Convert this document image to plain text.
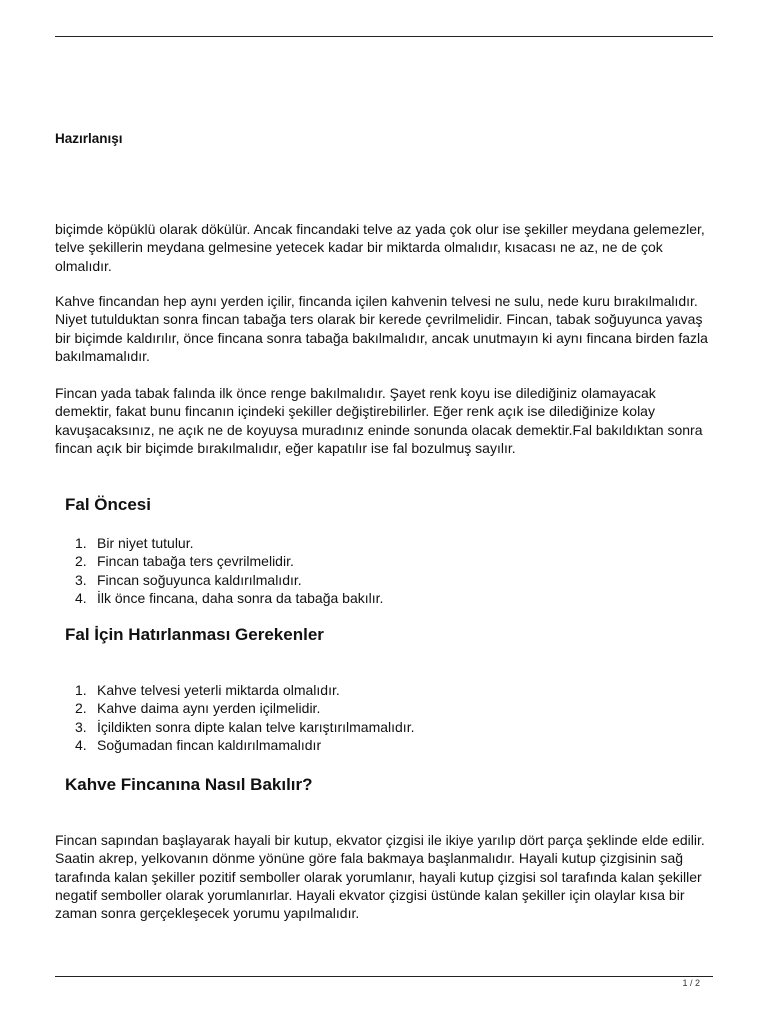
Hazırlanışı

biçimde köpüklü olarak dökülür. Ancak fincandaki telve az yada çok olur ise şekiller meydana gelemezler, telve şekillerin meydana gelmesine yetecek kadar bir miktarda olmalıdır, kısacası ne az, ne de çok olmalıdır.

Kahve fincandan hep aynı yerden içilir, fincanda içilen kahvenin telvesi ne sulu, nede kuru bırakılmalıdır. Niyet tutulduktan sonra fincan tabağa ters olarak bir kerede çevrilmelidir. Fincan, tabak soğuyunca yavaş bir biçimde kaldırılır, önce fincana sonra tabağa bakılmalıdır, ancak unutmayın ki aynı fincana birden fazla bakılmamalıdır.

Fincan yada tabak falında ilk önce renge bakılmalıdır. Şayet renk koyu ise dilediğiniz olamayacak demektir, fakat bunu fincanın içindeki şekiller değiştirebilirler. Eğer renk açık ise dilediğinize kolay kavuşacaksınız, ne açık ne de koyuysa muradınız eninde sonunda olacak demektir.Fal bakıldıktan sonra fincan açık bir biçimde bırakılmalıdır, eğer kapatılır ise fal bozulmuş sayılır.

Fal Öncesi
1. Bir niyet tutulur.
2. Fincan tabağa ters çevrilmelidir.
3. Fincan soğuyunca kaldırılmalıdır.
4. İlk önce fincana, daha sonra da tabağa bakılır.
Fal İçin Hatırlanması Gerekenler
1. Kahve telvesi yeterli miktarda olmalıdır.
2. Kahve daima aynı yerden içilmelidir.
3. İçildikten sonra dipte kalan telve karıştırılmamalıdır.
4. Soğumadan fincan kaldırılmamalıdır
Kahve Fincanına Nasıl Bakılır?

Fincan sapından başlayarak hayali bir kutup, ekvator çizgisi ile ikiye yarılıp dört parça şeklinde elde edilir. Saatin akrep, yelkovanın dönme yönüne göre fala bakmaya başlanmalıdır. Hayali kutup çizgisinin sağ tarafında kalan şekiller pozitif semboller olarak yorumlanır, hayali kutup çizgisi sol tarafında kalan şekiller negatif semboller olarak yorumlanırlar. Hayali ekvator çizgisi üstünde kalan şekiller için olaylar kısa bir zaman sonra gerçekleşecek yorumu yapılmalıdır.

1 / 2
